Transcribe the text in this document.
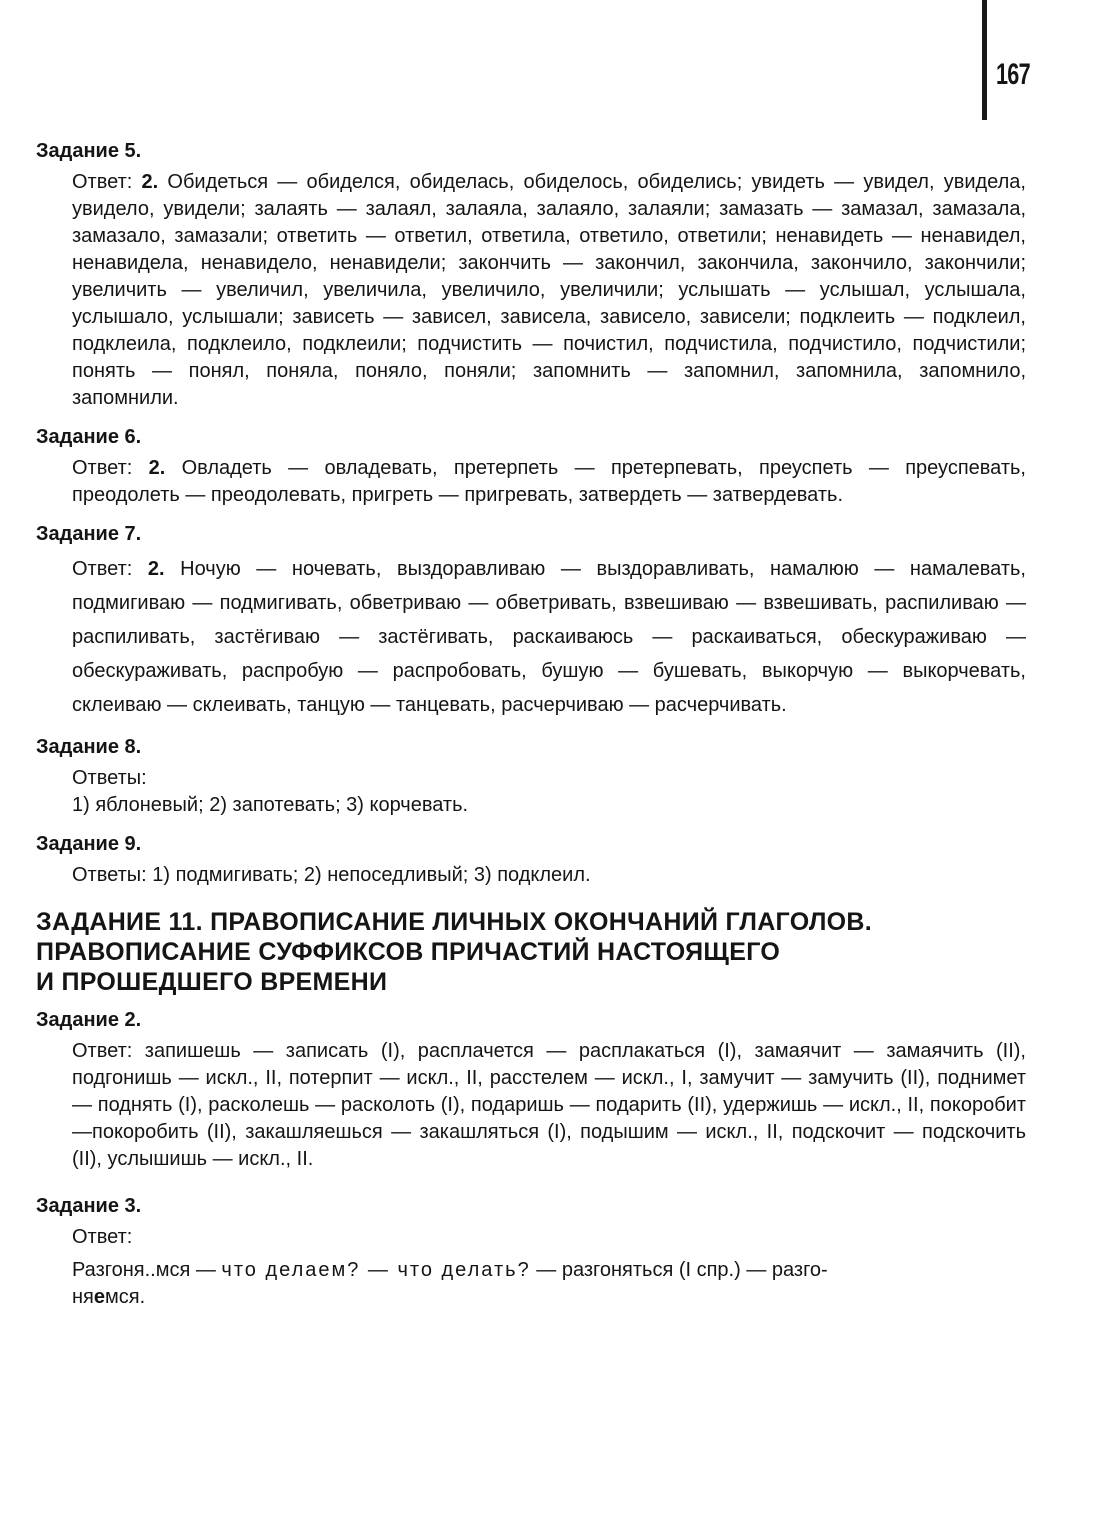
167
Задание 5.
Ответ: 2. Обидеться — обиделся, обиделась, обиделось, обиделись; увидеть — увидел, увидела, увидело, увидели; залаять — залаял, залаяла, залаяло, залаяли; замазать — замазал, замазала, замазало, замазали; ответить — ответил, ответила, ответило, ответили; ненавидеть — ненавидел, ненавидела, ненавидело, ненавидели; закончить — закончил, закончила, закончило, закончили; увеличить — увеличил, увеличила, увеличило, увеличили; услышать — услышал, услышала, услышало, услышали; зависеть — зависел, зависела, зависело, зависели; подклеить — подклеил, подклеила, подклеило, подклеили; подчистить — почистил, подчистила, подчистило, подчистили; понять — понял, поняла, поняло, поняли; запомнить — запомнил, запомнила, запомнило, запомнили.
Задание 6.
Ответ: 2. Овладеть — овладевать, претерпеть — претерпевать, преуспеть — преуспевать, преодолеть — преодолевать, пригреть — пригревать, затвердеть — затвердевать.
Задание 7.
Ответ: 2. Ночую — ночевать, выздоравливаю — выздоравливать, намалюю — намалевать, подмигиваю — подмигивать, обветриваю — обветривать, взвешиваю — взвешивать, распиливаю — распиливать, застёгиваю — застёгивать, раскаиваюсь — раскаиваться, обескураживаю — обескураживать, распробую — распробовать, бушую — бушевать, выкорчую — выкорчевать, склеиваю — склеивать, танцую — танцевать, расчерчиваю — расчерчивать.
Задание 8.
Ответы:
1) яблоневый; 2) запотевать; 3) корчевать.
Задание 9.
Ответы: 1) подмигивать; 2) непоседливый; 3) подклеил.
ЗАДАНИЕ 11. ПРАВОПИСАНИЕ ЛИЧНЫХ ОКОНЧАНИЙ ГЛАГОЛОВ.
ПРАВОПИСАНИЕ СУФФИКСОВ ПРИЧАСТИЙ НАСТОЯЩЕГО
И ПРОШЕДШЕГО ВРЕМЕНИ
Задание 2.
Ответ: запишешь — записать (I), расплачется — расплакаться (I), замаячит — замаячить (II), подгонишь — искл., II, потерпит — искл., II, расстелем — искл., I, замучит — замучить (II), поднимет — поднять (I), расколешь — расколоть (I), подаришь — подарить (II), удержишь — искл., II, покоробит —покоробить (II), закашляешься — закашляться (I), подышим — искл., II, подскочит — подскочить (II), услышишь — искл., II.
Задание 3.
Ответ:
Разгоня..мся — что делаем? — что делать? — разгоняться (I спр.) — разго-
няемся.
